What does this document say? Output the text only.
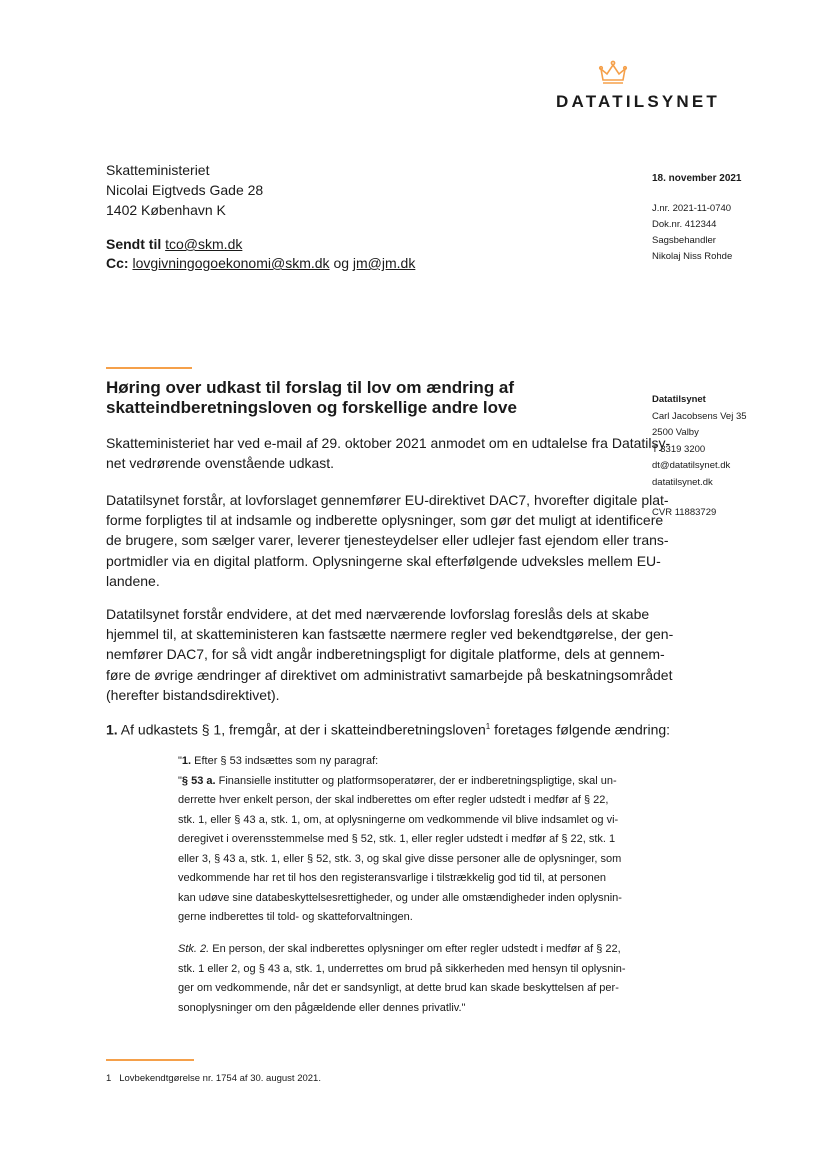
DATATILSYNET
Skatteministeriet
Nicolai Eigtveds Gade 28
1402 København K
Sendt til tco@skm.dk
Cc: lovgivningogoekonomi@skm.dk og jm@jm.dk
18. november 2021
J.nr. 2021-11-0740
Dok.nr. 412344
Sagsbehandler
Nikolaj Niss Rohde
Høring over udkast til forslag til lov om ændring af skatteindberetningsloven og forskellige andre love	Datatilsynet
Carl Jacobsens Vej 35
2500 Valby
T 3319 3200
dt@datatilsynet.dk
datatilsynet.dk
CVR 11883729
Skatteministeriet har ved e-mail af 29. oktober 2021 anmodet om en udtalelse fra Datatilsy-
net vedrørende ovenstående udkast.
Datatilsynet forstår, at lovforslaget gennemfører EU-direktivet DAC7, hvorefter digitale plat-
forme forpligtes til at indsamle og indberette oplysninger, som gør det muligt at identificere
de brugere, som sælger varer, leverer tjenesteydelser eller udlejer fast ejendom eller trans-
portmidler via en digital platform. Oplysningerne skal efterfølgende udveksles mellem EU-
landene.
Datatilsynet forstår endvidere, at det med nærværende lovforslag foreslås dels at skabe
hjemmel til, at skatteministeren kan fastsætte nærmere regler ved bekendtgørelse, der gen-
nemfører DAC7, for så vidt angår indberetningspligt for digitale platforme, dels at gennem-
føre de øvrige ændringer af direktivet om administrativt samarbejde på beskatningsområdet
(herefter bistandsdirektivet).
1. Af udkastets § 1, fremgår, at der i skatteindberetningsloven$^1$ foretages følgende ændring:
"1. Efter § 53 indsættes som ny paragraf:
"§ 53 a. Finansielle institutter og platformsoperatører, der er indberetningspligtige, skal un-
derrette hver enkelt person, der skal indberettes om efter regler udstedt i medfør af § 22,
stk. 1, eller § 43 a, stk. 1, om, at oplysningerne om vedkommende vil blive indsamlet og vi-
deregivet i overensstemmelse med § 52, stk. 1, eller regler udstedt i medfør af § 22, stk. 1
eller 3, § 43 a, stk. 1, eller § 52, stk. 3, og skal give disse personer alle de oplysninger, som
vedkommende har ret til hos den registeransvarlige i tilstrækkelig god tid til, at personen
kan udøve sine databeskyttelsesrettigheder, og under alle omstændigheder inden oplysnin-
gerne indberettes til told- og skatteforvaltningen.
Stk. 2. En person, der skal indberettes oplysninger om efter regler udstedt i medfør af § 22,
stk. 1 eller 2, og § 43 a, stk. 1, underrettes om brud på sikkerheden med hensyn til oplysnin-
ger om vedkommende, når det er sandsynligt, at dette brud kan skade beskyttelsen af per-
sonoplysninger om den pågældende eller dennes privatliv."
1 Lovbekendtgørelse nr. 1754 af 30. august 2021.
